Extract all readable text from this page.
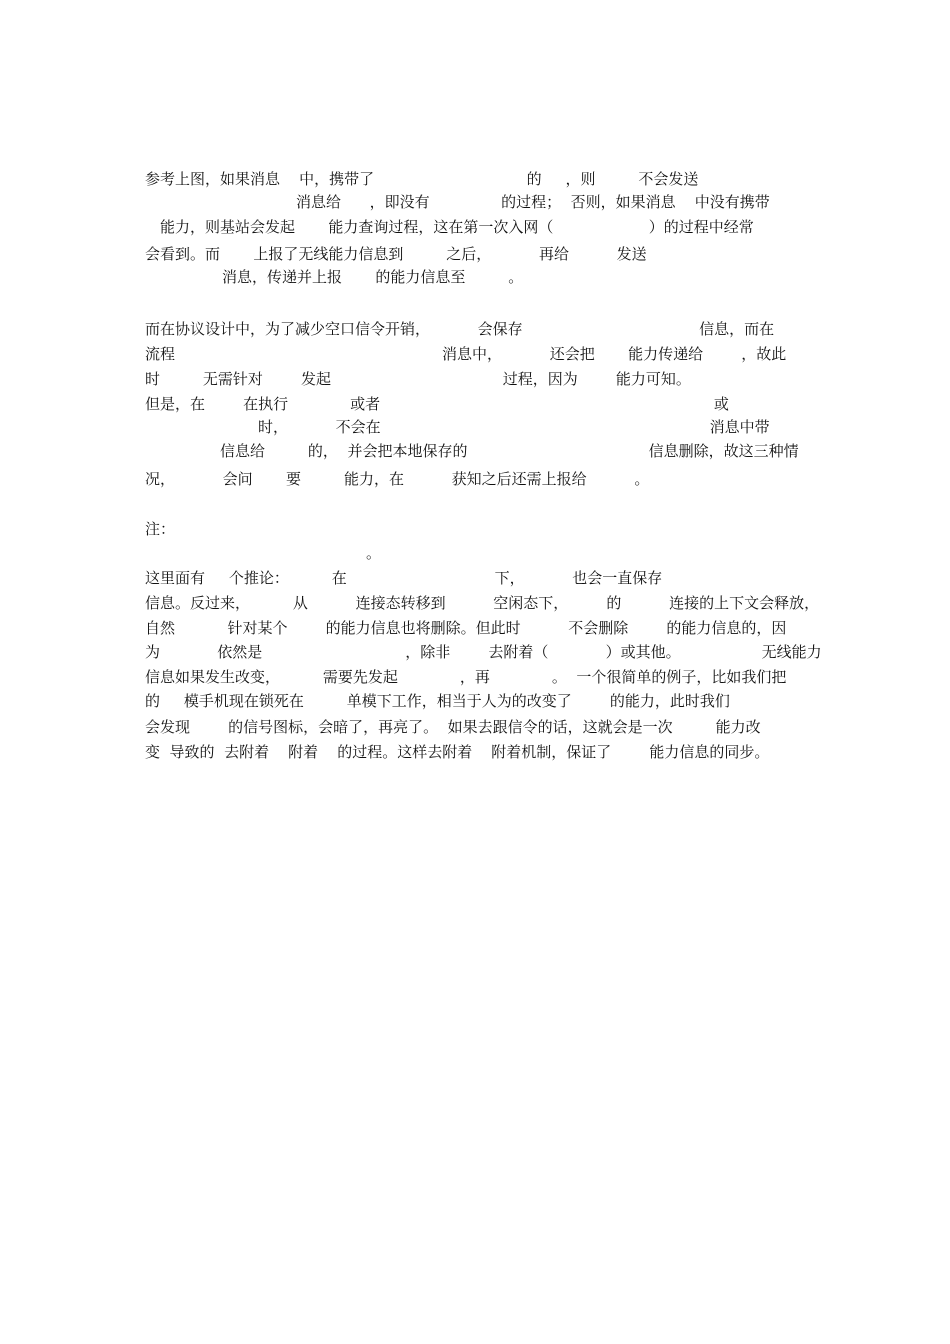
参考上图，如果消息    中，携带了                                的     ，则         不会发送
消息给      ，即没有               的过程；  否则，如果消息    中没有携带
能力，则基站会发起       能力查询过程，这在第一次入网（                    ）的过程中经常
会看到。而       上报了无线能力信息到         之后，          再给          发送
消息，传递并上报       的能力信息至         。
而在协议设计中，为了减少空口信令开销，          会保存                                     信息，而在
流程                                                        消息中，          还会把       能力传递给        ，故此
时         无需针对        发起                                    过程，因为        能力可知。
但是，在        在执行             或者                                                                      或
时，          不会在                                                                     消息中带
信息给         的，  并会把本地保存的                                      信息删除，故这三种情
况，          会问       要         能力，在          获知之后还需上报给          。
注：
。
这里面有     个推论：         在                               下，          也会一直保存
信息。反过来，         从          连接态转移到          空闲态下，        的          连接的上下文会释放，
自然           针对某个        的能力信息也将删除。但此时          不会删除        的能力信息的，因
为            依然是                              ，除非        去附着（            ）或其他。                 无线能力
信息如果发生改变，         需要先发起             ，再             。  一个很简单的例子，比如我们把
的     模手机现在锁死在         单模下工作，相当于人为的改变了        的能力，此时我们
会发现        的信号图标，会暗了，再亮了。  如果去跟信令的话，这就会是一次         能力改
变  导致的  去附着    附着    的过程。这样去附着    附着机制，保证了        能力信息的同步。
